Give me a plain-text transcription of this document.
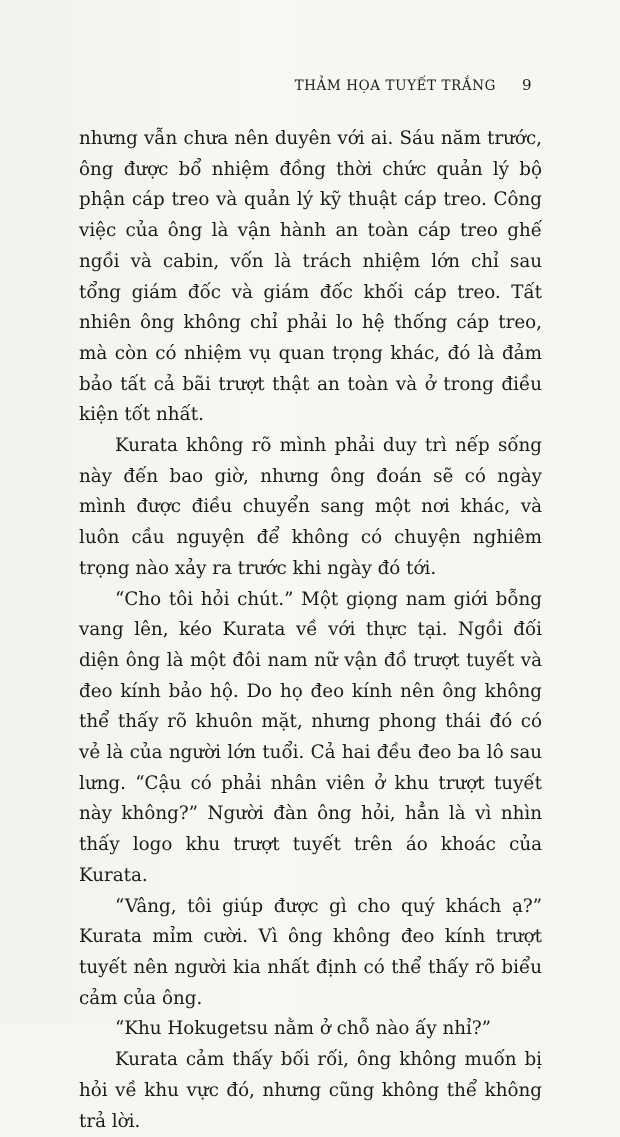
THẢM HỌA TUYẾT TRẮNG 9

nhưng vẫn chưa nên duyên với ai. Sáu năm trước, ông được bổ nhiệm đồng thời chức quản lý bộ phận cáp treo và quản lý kỹ thuật cáp treo. Công việc của ông là vận hành an toàn cáp treo ghế ngồi và cabin, vốn là trách nhiệm lớn chỉ sau tổng giám đốc và giám đốc khối cáp treo. Tất nhiên ông không chỉ phải lo hệ thống cáp treo, mà còn có nhiệm vụ quan trọng khác, đó là đảm bảo tất cả bãi trượt thật an toàn và ở trong điều kiện tốt nhất.

Kurata không rõ mình phải duy trì nếp sống này đến bao giờ, nhưng ông đoán sẽ có ngày mình được điều chuyển sang một nơi khác, và luôn cầu nguyện để không có chuyện nghiêm trọng nào xảy ra trước khi ngày đó tới.

“Cho tôi hỏi chút.” Một giọng nam giới bỗng vang lên, kéo Kurata về với thực tại. Ngồi đối diện ông là một đôi nam nữ vận đồ trượt tuyết và đeo kính bảo hộ. Do họ đeo kính nên ông không thể thấy rõ khuôn mặt, nhưng phong thái đó có vẻ là của người lớn tuổi. Cả hai đều đeo ba lô sau lưng. “Cậu có phải nhân viên ở khu trượt tuyết này không?” Người đàn ông hỏi, hẳn là vì nhìn thấy logo khu trượt tuyết trên áo khoác của Kurata.

“Vâng, tôi giúp được gì cho quý khách ạ?” Kurata mỉm cười. Vì ông không đeo kính trượt tuyết nên người kia nhất định có thể thấy rõ biểu cảm của ông.

“Khu Hokugetsu nằm ở chỗ nào ấy nhỉ?”

Kurata cảm thấy bối rối, ông không muốn bị hỏi về khu vực đó, nhưng cũng không thể không trả lời.
